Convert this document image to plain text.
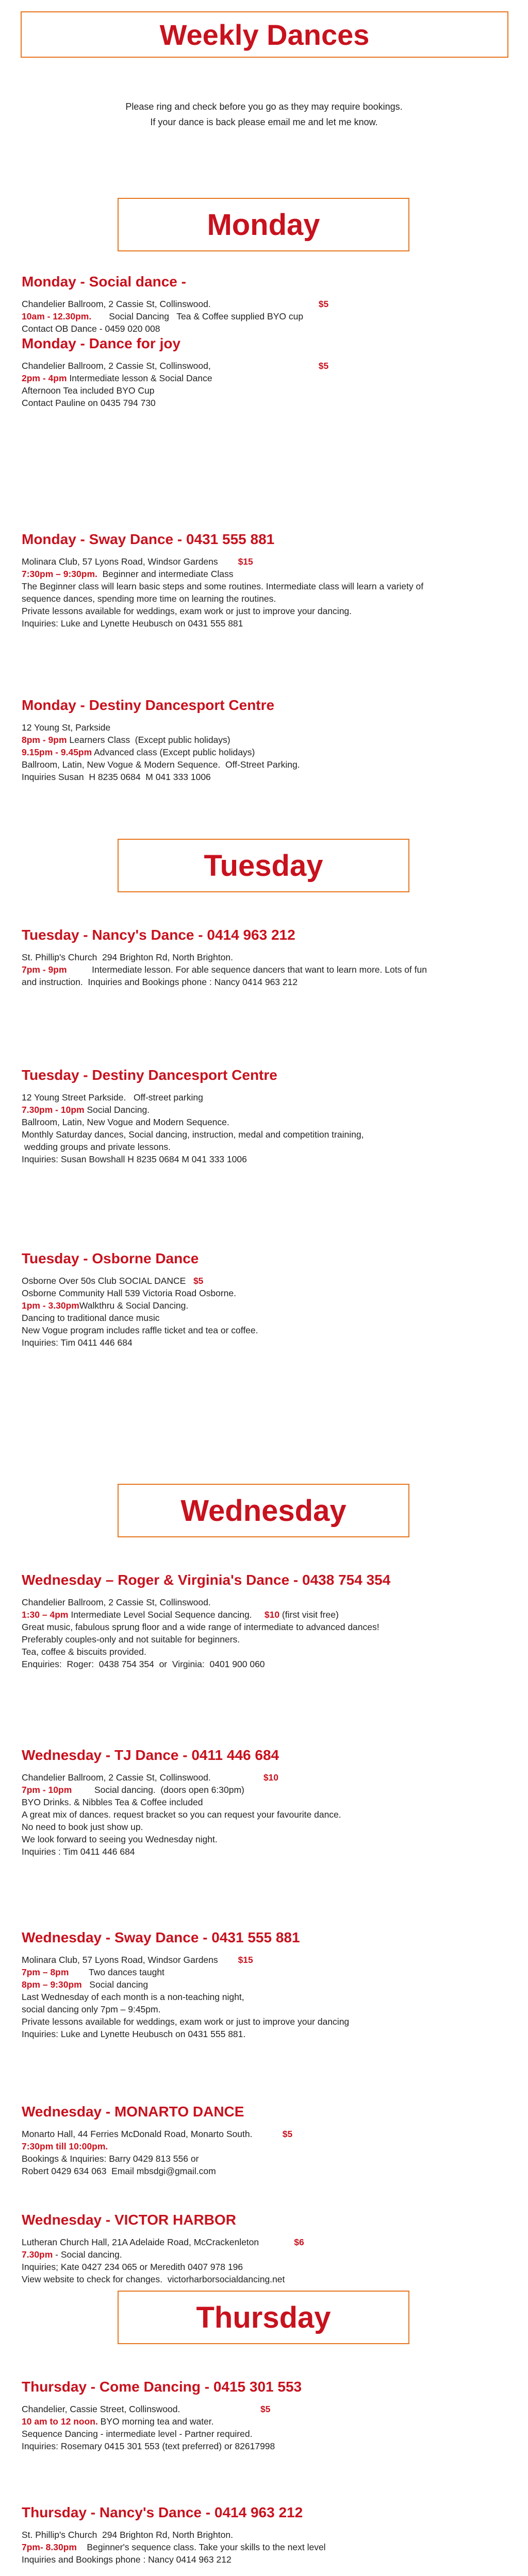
Weekly Dances
Please ring and check before you go as they may require bookings.
If your dance is back please email me and let me know.
Monday
Tuesday
Wednesday
Thursday
Monday - Social dance -
Chandelier Ballroom, 2 Cassie St, Collinswood.                                           $5
10am - 12.30pm.       Social Dancing   Tea & Coffee supplied BYO cup
Contact OB Dance - 0459 020 008
Monday - Dance for joy
Chandelier Ballroom, 2 Cassie St, Collinswood,                                           $5
2pm - 4pm Intermediate lesson & Social Dance
Afternoon Tea included BYO Cup
Contact Pauline on 0435 794 730
Monday - Sway Dance - 0431 555 881
Molinara Club, 57 Lyons Road, Windsor Gardens        $15
7:30pm – 9:30pm.  Beginner and intermediate Class
The Beginner class will learn basic steps and some routines. Intermediate class will learn a variety of
sequence dances, spending more time on learning the routines.
Private lessons available for weddings, exam work or just to improve your dancing.
Inquiries: Luke and Lynette Heubusch on 0431 555 881
Monday - Destiny Dancesport Centre
12 Young St, Parkside
8pm - 9pm Learners Class  (Except public holidays)
9.15pm - 9.45pm Advanced class (Except public holidays)
Ballroom, Latin, New Vogue & Modern Sequence.  Off-Street Parking.
Inquiries Susan  H 8235 0684  M 041 333 1006
Tuesday - Nancy's Dance - 0414 963 212
St. Phillip's Church  294 Brighton Rd, North Brighton.
7pm - 9pm          Intermediate lesson. For able sequence dancers that want to learn more. Lots of fun
and instruction.  Inquiries and Bookings phone : Nancy 0414 963 212
Tuesday - Destiny Dancesport Centre
12 Young Street Parkside.   Off-street parking
7.30pm - 10pm Social Dancing.
Ballroom, Latin, New Vogue and Modern Sequence.
Monthly Saturday dances, Social dancing, instruction, medal and competition training,
wedding groups and private lessons.
Inquiries: Susan Bowshall H 8235 0684 M 041 333 1006
Tuesday - Osborne Dance
Osborne Over 50s Club SOCIAL DANCE   $5
Osborne Community Hall 539 Victoria Road Osborne.
1pm - 3.30pmWalkthru & Social Dancing.
Dancing to traditional dance music
New Vogue program includes raffle ticket and tea or coffee.
Inquiries: Tim 0411 446 684
Wednesday – Roger & Virginia's Dance - 0438 754 354
Chandelier Ballroom, 2 Cassie St, Collinswood.
1:30 – 4pm Intermediate Level Social Sequence dancing.     $10 (first visit free)
Great music, fabulous sprung floor and a wide range of intermediate to advanced dances!
Preferably couples-only and not suitable for beginners.
Tea, coffee & biscuits provided.
Enquiries:  Roger:  0438 754 354  or  Virginia:  0401 900 060
Wednesday - TJ Dance - 0411 446 684
Chandelier Ballroom, 2 Cassie St, Collinswood.                     $10
7pm - 10pm         Social dancing.  (doors open 6:30pm)
BYO Drinks. & Nibbles Tea & Coffee included
A great mix of dances. request bracket so you can request your favourite dance.
No need to book just show up.
We look forward to seeing you Wednesday night.
Inquiries : Tim 0411 446 684
Wednesday - Sway Dance - 0431 555 881
Molinara Club, 57 Lyons Road, Windsor Gardens        $15
7pm – 8pm        Two dances taught
8pm – 9:30pm   Social dancing
Last Wednesday of each month is a non-teaching night,
social dancing only 7pm – 9:45pm.
Private lessons available for weddings, exam work or just to improve your dancing
Inquiries: Luke and Lynette Heubusch on 0431 555 881.
Wednesday - MONARTO DANCE
Monarto Hall, 44 Ferries McDonald Road, Monarto South.            $5
7:30pm till 10:00pm.
Bookings & Inquiries: Barry 0429 813 556 or
Robert 0429 634 063  Email mbsdgi@gmail.com
Wednesday - VICTOR HARBOR
Lutheran Church Hall, 21A Adelaide Road, McCrackenleton              $6
7.30pm - Social dancing.
Inquiries; Kate 0427 234 065 or Meredith 0407 978 196
View website to check for changes.  victorharborsocialdancing.net
Thursday - Come Dancing - 0415 301 553
Chandelier, Cassie Street, Collinswood.                                $5
10 am to 12 noon. BYO morning tea and water.
Sequence Dancing - intermediate level - Partner required.
Inquiries: Rosemary 0415 301 553 (text preferred) or 82617998
Thursday - Nancy's Dance - 0414 963 212
St. Phillip's Church  294 Brighton Rd, North Brighton.
7pm- 8.30pm    Beginner's sequence class. Take your skills to the next level
Inquiries and Bookings phone : Nancy 0414 963 212
